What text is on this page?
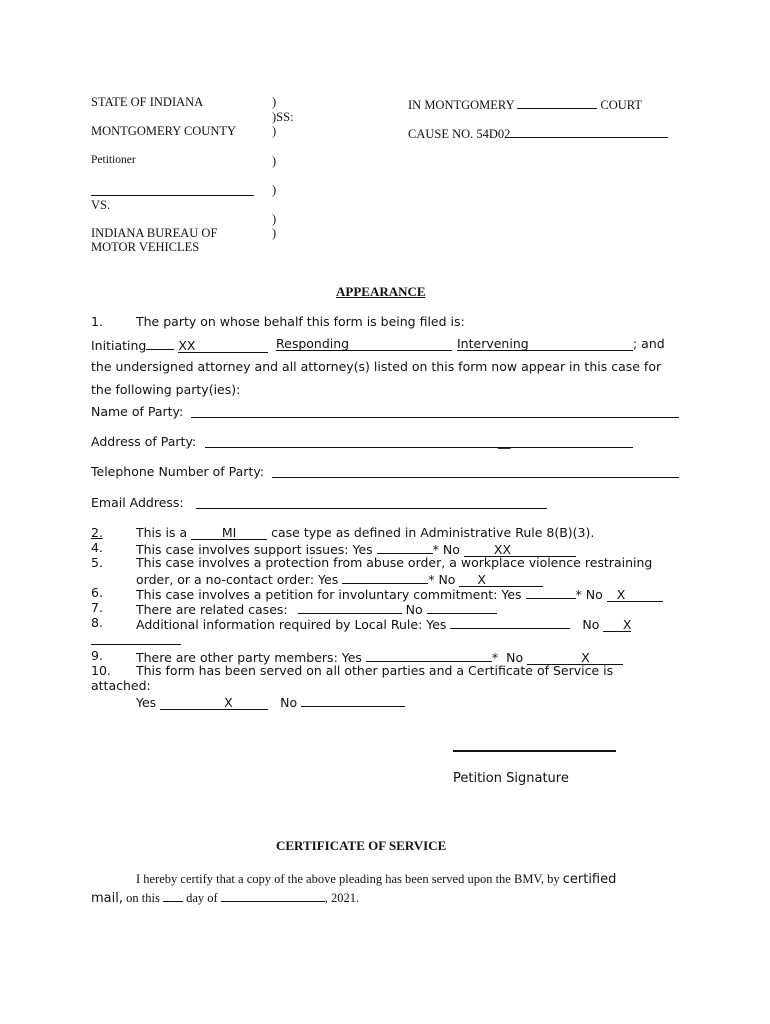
STATE OF INDIANA	)
)SS:
MONTGOMERY COUNTY	)
IN MONTGOMERY	COURT
CAUSE NO. 54D02
Petitioner	)
)
VS.
)
INDIANA BUREAU OF	)
MOTOR VEHICLES
APPEARANCE
1.	The party on whose behalf this form is being filed is:
Initiating	XX	Responding	Intervening	; and
the undersigned attorney and all attorney(s) listed on this form now appear in this case for
the following party(ies):
Name of Party:
Address of Party:	__
Telephone Number of Party:
Email Address:
2.	This is a	MI	case type as defined in Administrative Rule 8(B)(3).
4.	This case involves support issues: Yes	* No	XX
5.	This case involves a protection from abuse order, a workplace violence restraining
order, or a no-contact order: Yes	* No X
6.	This case involves a petition for involuntary commitment: Yes	* No X
7.	There are related cases:	No
8.	Additional information required by Local Rule: Yes	No X
9.	There are other party members: Yes	* No	X
10. This form has been served on all other parties and a Certificate of Service is
attached:
Yes	X	No
Petition Signature
CERTIFICATE OF SERVICE
I hereby certify that a copy of the above pleading has been served upon the BMV, by certified
mail, on this day of	, 2021.
